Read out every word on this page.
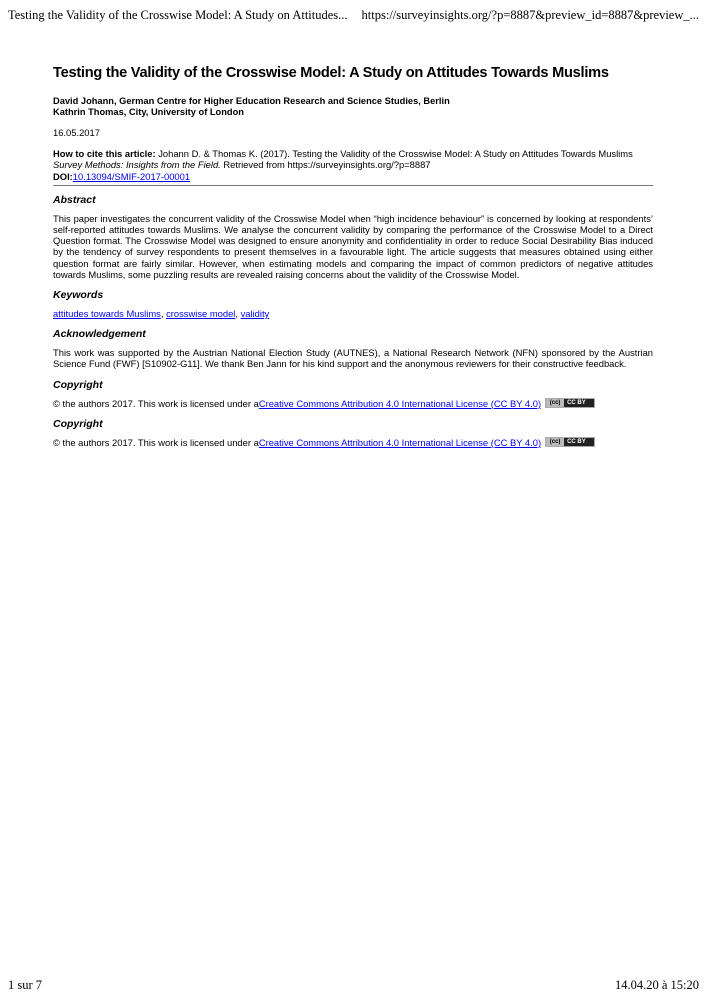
Testing the Validity of the Crosswise Model: A Study on Attitudes... https://surveyinsights.org/?p=8887&preview_id=8887&preview_...
Testing the Validity of the Crosswise Model: A Study on Attitudes Towards Muslims
David Johann, German Centre for Higher Education Research and Science Studies, Berlin
Kathrin Thomas, City, University of London
16.05.2017
How to cite this article: Johann D. & Thomas K. (2017). Testing the Validity of the Crosswise Model: A Study on Attitudes Towards Muslims Survey Methods: Insights from the Field. Retrieved from https://surveyinsights.org/?p=8887
DOI:10.13094/SMIF-2017-00001
Abstract
This paper investigates the concurrent validity of the Crosswise Model when “high incidence behaviour” is concerned by looking at respondents’ self-reported attitudes towards Muslims. We analyse the concurrent validity by comparing the performance of the Crosswise Model to a Direct Question format. The Crosswise Model was designed to ensure anonymity and confidentiality in order to reduce Social Desirability Bias induced by the tendency of survey respondents to present themselves in a favourable light. The article suggests that measures obtained using either question format are fairly similar. However, when estimating models and comparing the impact of common predictors of negative attitudes towards Muslims, some puzzling results are revealed raising concerns about the validity of the Crosswise Model.
Keywords
attitudes towards Muslims, crosswise model, validity
Acknowledgement
This work was supported by the Austrian National Election Study (AUTNES), a National Research Network (NFN) sponsored by the Austrian Science Fund (FWF) [S10902-G11]. We thank Ben Jann for his kind support and the anonymous reviewers for their constructive feedback.
Copyright
© the authors 2017. This work is licensed under a Creative Commons Attribution 4.0 International License (CC BY 4.0)	(cc)	CC BY
Copyright
© the authors 2017. This work is licensed under a Creative Commons Attribution 4.0 International License (CC BY 4.0)	(cc)	CC BY
1 sur 7	14.04.20 à 15:20
